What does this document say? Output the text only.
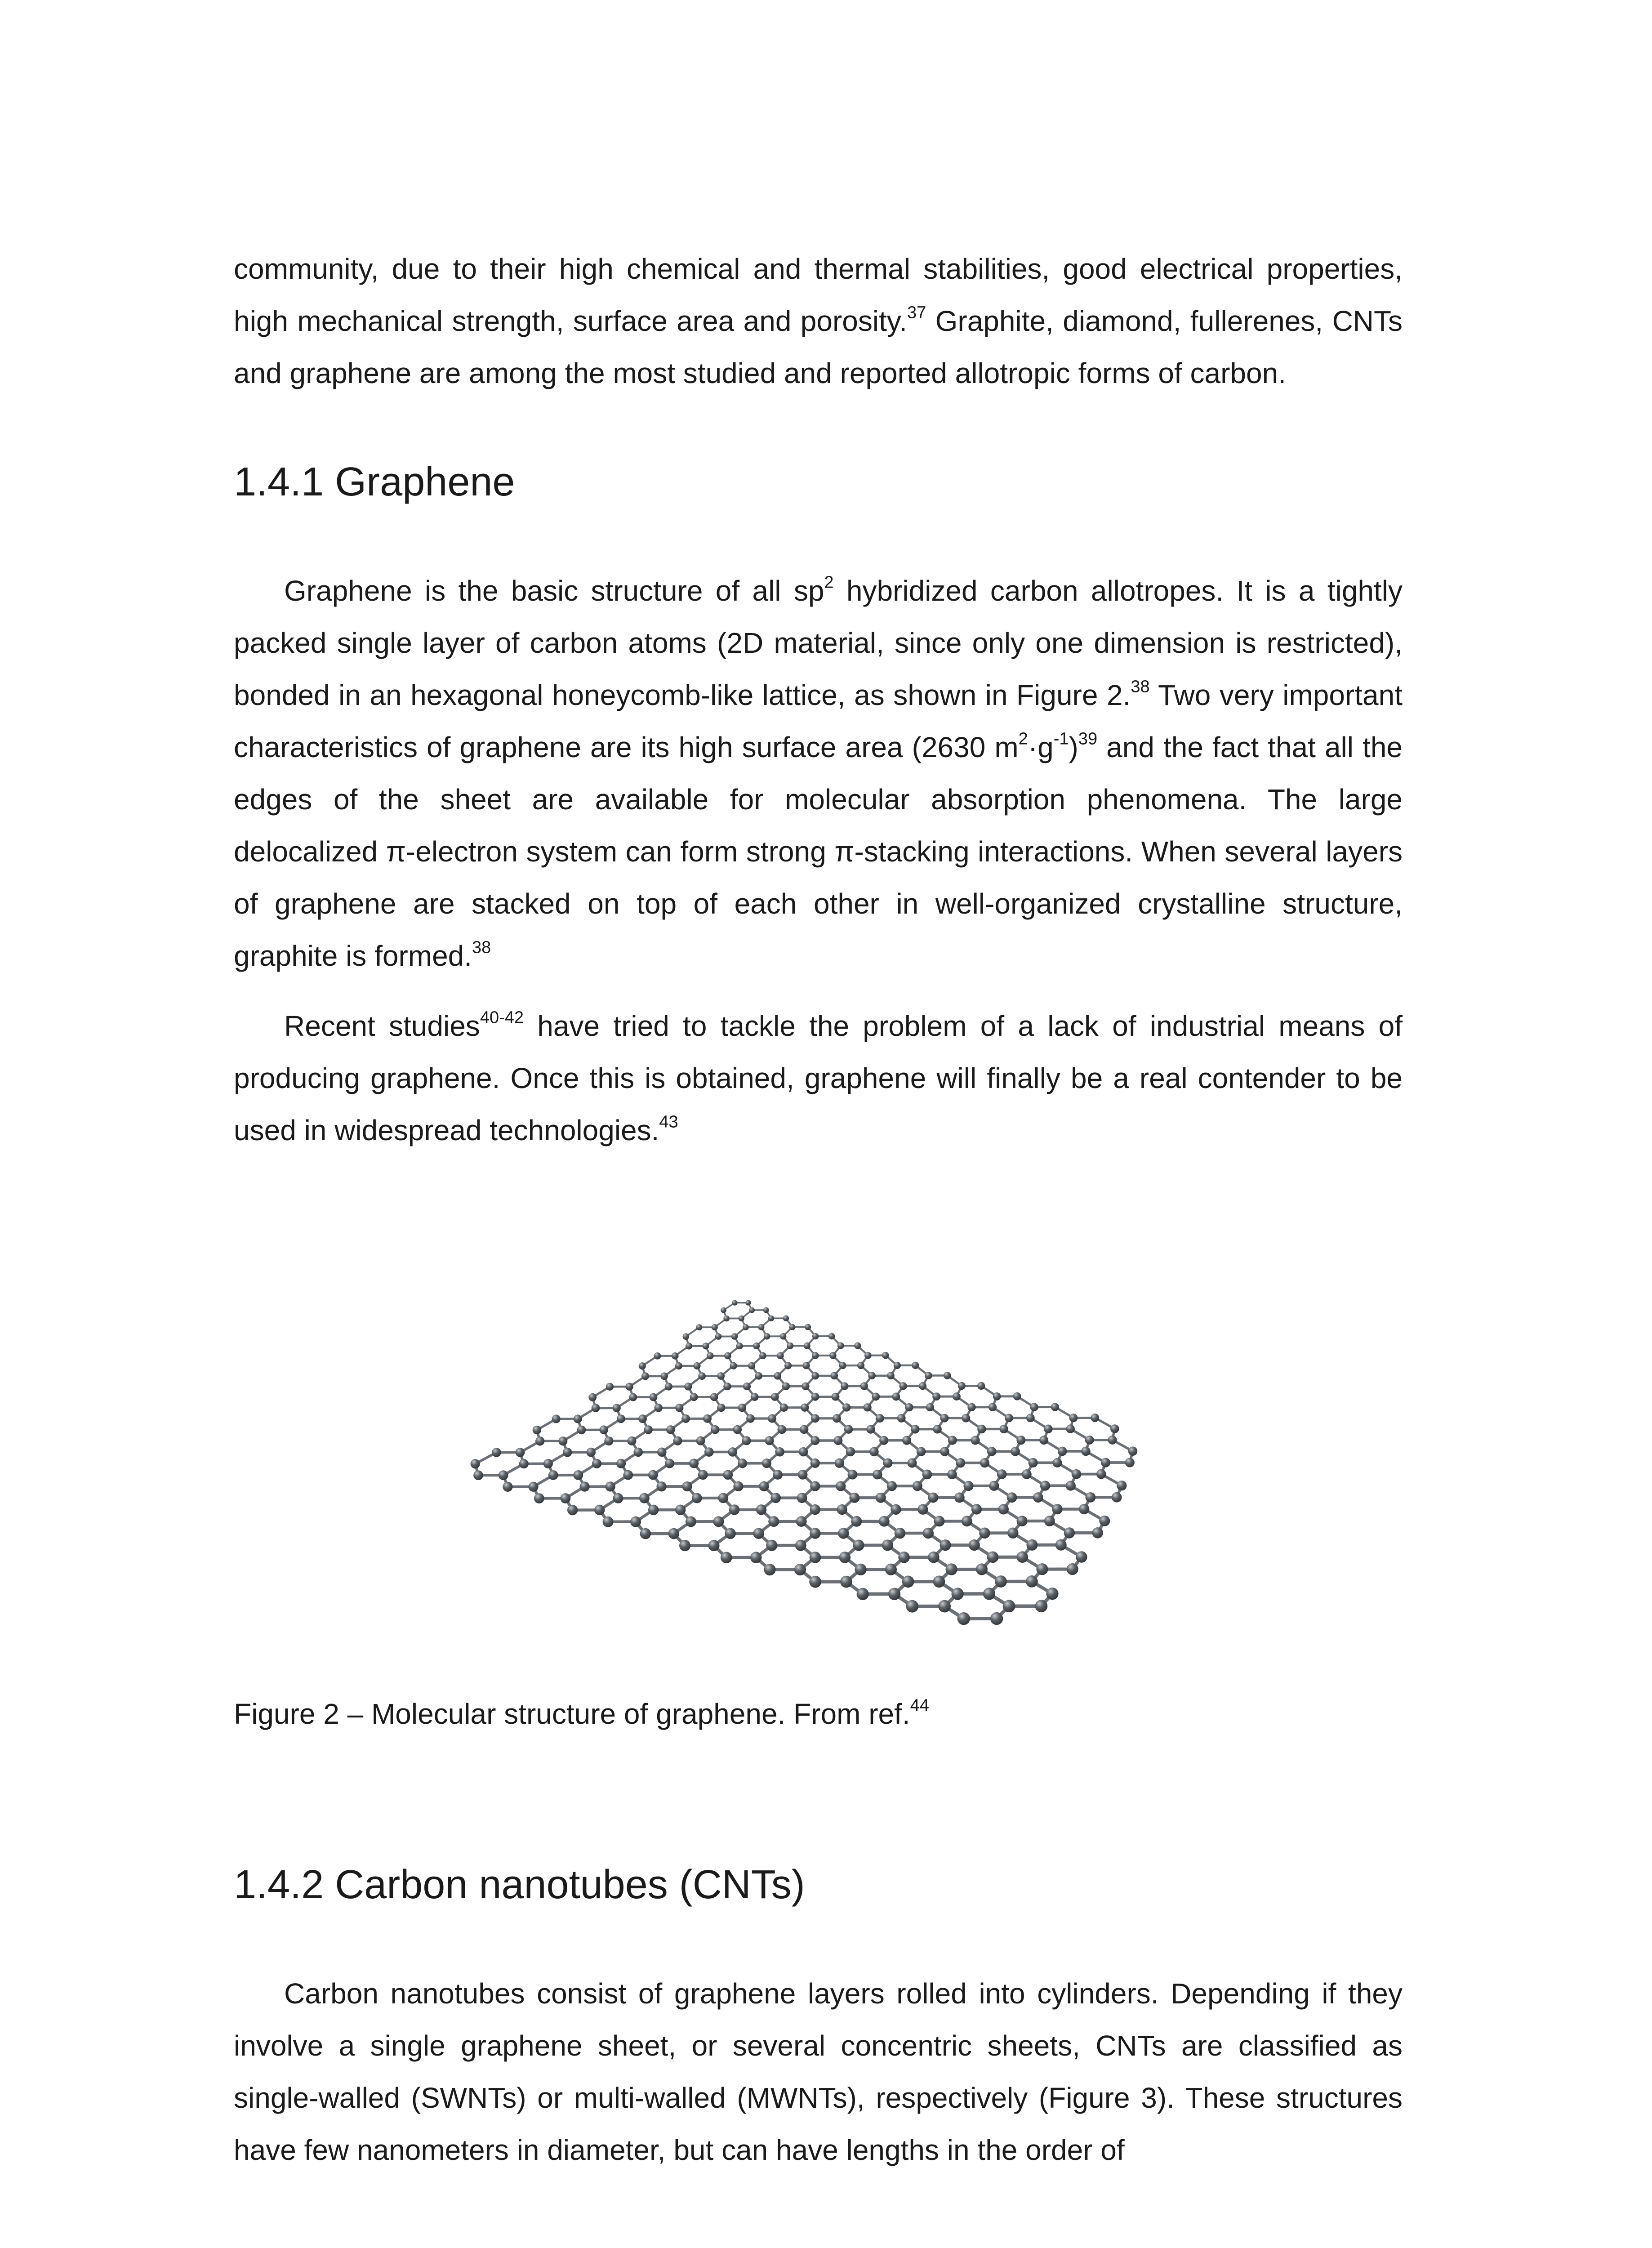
community, due to their high chemical and thermal stabilities, good electrical properties, high mechanical strength, surface area and porosity.$^{37}$ Graphite, diamond, fullerenes, CNTs and graphene are among the most studied and reported allotropic forms of carbon.

1.4.1 Graphene

Graphene is the basic structure of all $sp^2$ hybridized carbon allotropes. It is a tightly packed single layer of carbon atoms (2D material, since only one dimension is restricted), bonded in an hexagonal honeycomb-like lattice, as shown in Figure 2.38 Two very important characteristics of graphene are its high surface area (2630 $m^2\cdot g^{-1})^{39}$ and the fact that all the edges of the sheet are available for molecular absorption phenomena. The large delocalized π-electron system can form strong π-stacking interactions. When several layers of graphene are stacked on top of each other in well-organized crystalline structure, graphite is formed.$^{38}$

Recent studies$^{40-42}$ have tried to tackle the problem of a lack of industrial means of producing graphene. Once this is obtained, graphene will finally be a real contender to be used in widespread technologies.$^{43}$

Figure 2 – Molecular structure of graphene. From ref.$^{44}$

1.4.2 Carbon nanotubes (CNTs)

Carbon nanotubes consist of graphene layers rolled into cylinders. Depending if they involve a single graphene sheet, or several concentric sheets, CNTs are classified as single-walled (SWNTs) or multi-walled (MWNTs), respectively (Figure 3). These structures have few nanometers in diameter, but can have lengths in the order of
